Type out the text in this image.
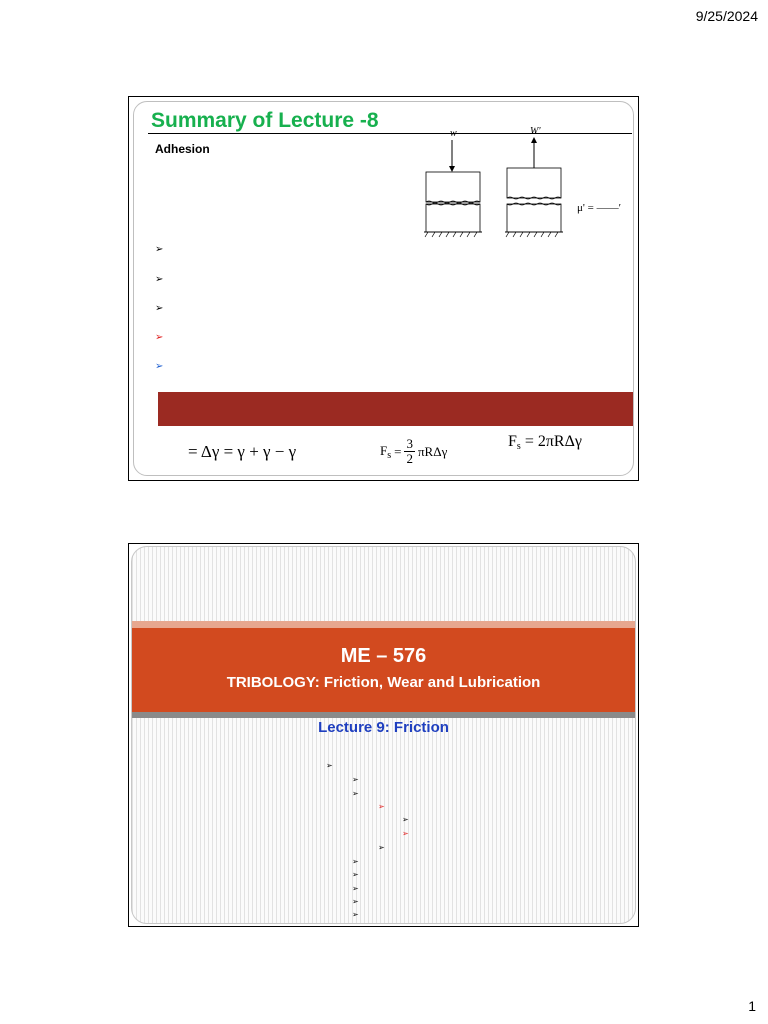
9/25/2024
Summary of Lecture -8
Adhesion
w	W'
μ' = ——′
➢
➢
➢
➢
➢
= Δγ = γ + γ − γ	$F_s = \frac{3}{2}$ πRΔγ
$F_s = 2\pi R\Delta\gamma$
ME – 576
TRIBOLOGY: Friction, Wear and Lubrication
Lecture 9: Friction
➢
➢
➢
➢
➢
➢
➢
➢
➢
➢
➢
➢
1
